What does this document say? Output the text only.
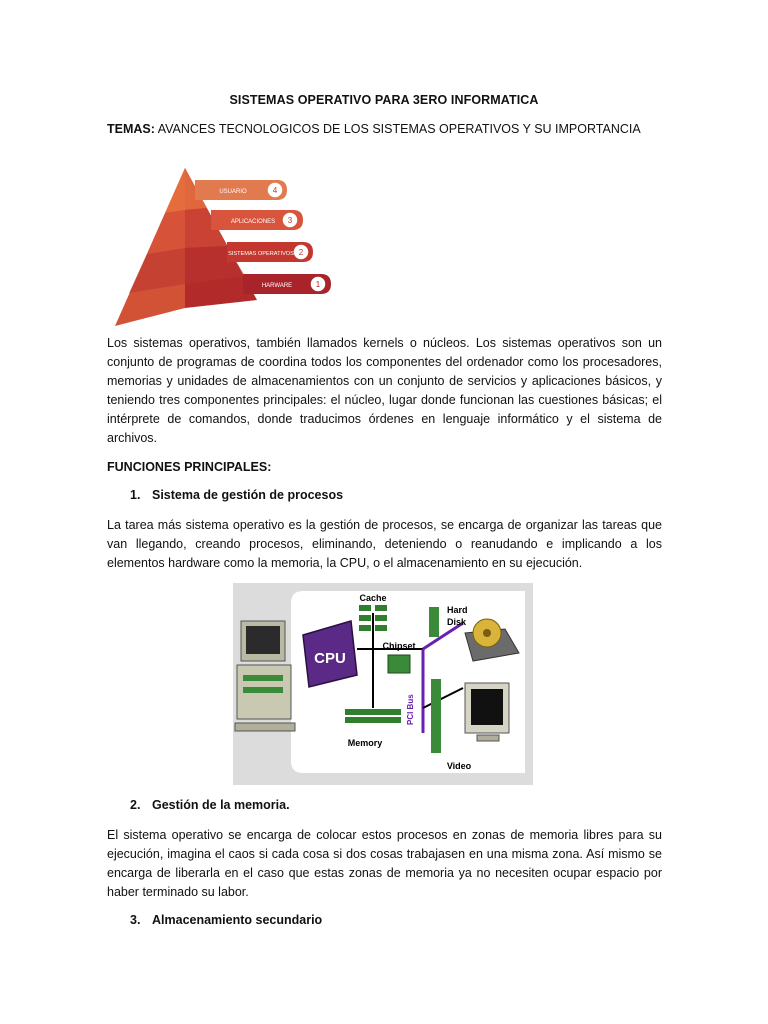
SISTEMAS OPERATIVO PARA 3ERO INFORMATICA
TEMAS: AVANCES TECNOLOGICOS DE LOS SISTEMAS OPERATIVOS Y SU IMPORTANCIA
USUARIO	4
APLICACIONES 3
SISTEMAS OPERATIVOS 2
HARWARE	1
Los sistemas operativos, también llamados kernels o núcleos. Los sistemas operativos son un conjunto de programas de coordina todos los componentes del ordenador como los procesadores, memorias y unidades de almacenamientos con un conjunto de servicios y aplicaciones básicos, y teniendo tres componentes principales: el núcleo, lugar donde funcionan las cuestiones básicas; el intérprete de comandos, donde traducimos órdenes en lenguaje informático y el sistema de archivos.
FUNCIONES PRINCIPALES:
1. Sistema de gestión de procesos
La tarea más sistema operativo es la gestión de procesos, se encarga de organizar las tareas que van llegando, creando procesos, eliminando, deteniendo o reanudando e implicando a los elementos hardware como la memoria, la CPU, o el almacenamiento en su ejecución.
CPU
Cache
Chipset
Memory
PCI Bus
Hard
Disk
Video
2. Gestión de la memoria.
El sistema operativo se encarga de colocar estos procesos en zonas de memoria libres para su ejecución, imagina el caos si cada cosa si dos cosas trabajasen en una misma zona. Así mismo se encarga de liberarla en el caso que estas zonas de memoria ya no necesiten ocupar espacio por haber terminado su labor.
3. Almacenamiento secundario
